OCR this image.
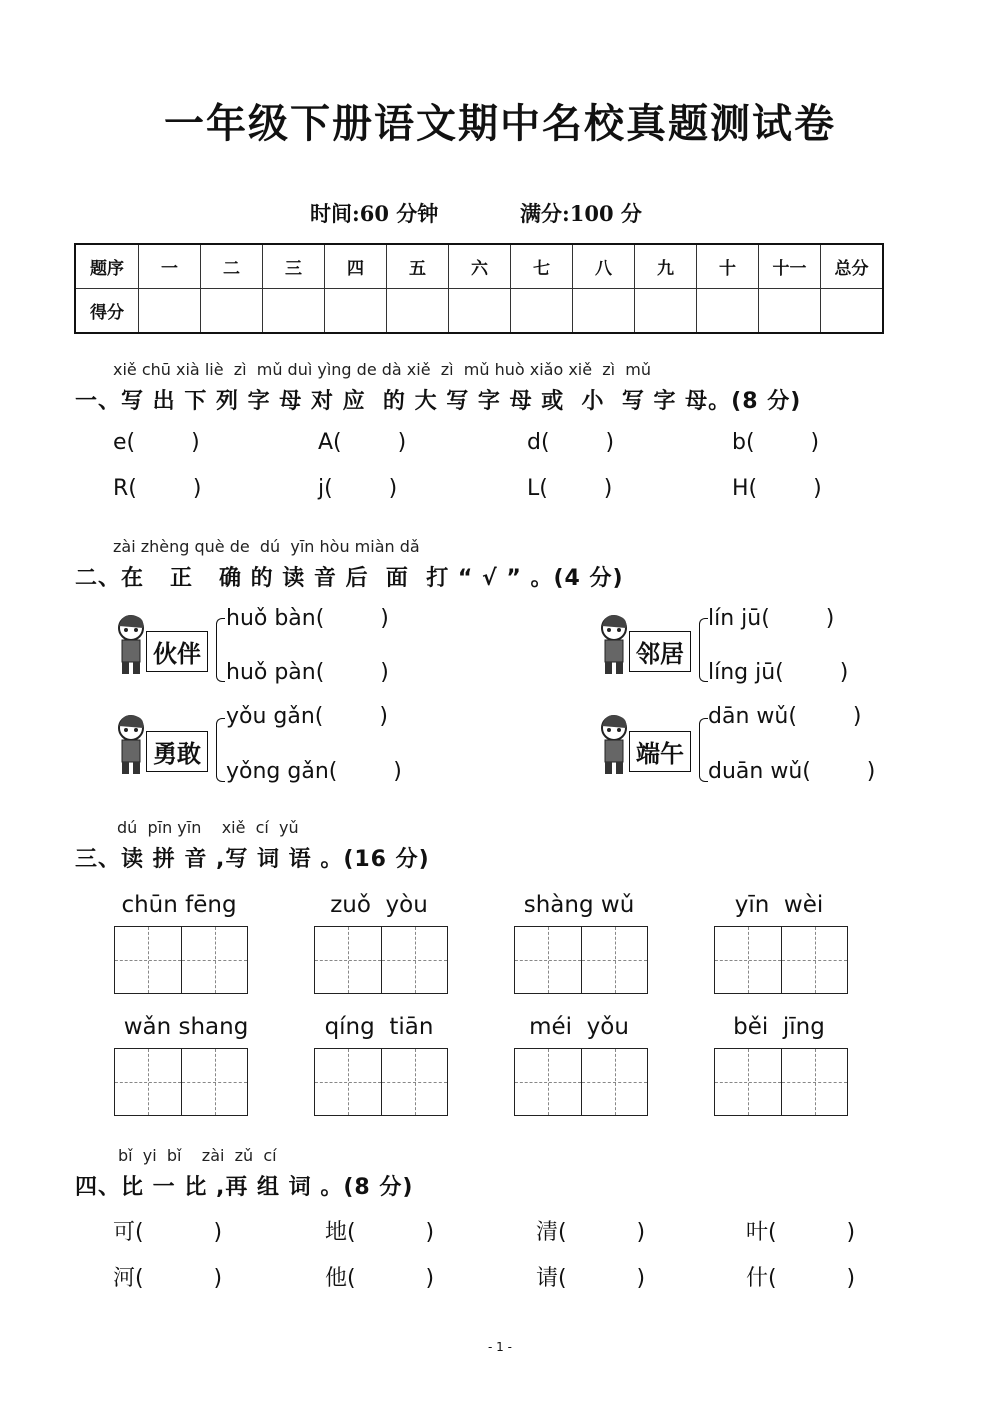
一年级下册语文期中名校真题测试卷
时间:60 分钟	满分:100 分
题序	一	二	三	四	五	六	七	八	九	十	十一	总分
得分												
xiě chū xià liè  zì  mǔ duì yìng de dà xiě  zì  mǔ huò xiǎo xiě  zì  mǔ
一、写 出 下 列 字 母 对 应  的 大 写 字 母 或  小  写 字 母。(8 分)
e(        )	A(        )	d(        )	b(        )
R(        )	j(        )	L(        )	H(        )
zài zhèng què de  dú  yīn hòu miàn dǎ
二、在   正   确 的 读 音 后  面  打 “ √ ” 。(4 分)
伙伴
huǒ bàn(        )
huǒ pàn(        )
邻居
lín jū(        )
líng jū(        )
勇敢
yǒu gǎn(        )
yǒng gǎn(        )
端午
dān wǔ(        )
duān wǔ(        )
dú  pīn yīn    xiě  cí  yǔ
三、读 拼 音 ,写 词 语 。(16 分)
chūn fēng	zuǒ  yòu	shàng wǔ	yīn  wèi
wǎn shang	qíng  tiān	méi  yǒu	běi  jīng
bǐ  yi  bǐ    zài  zǔ  cí
四、比 一 比 ,再 组 词 。(8 分)
可(          )	地(          )	清(          )	叶(          )
河(          )	他(          )	请(          )	什(          )
- 1 -
